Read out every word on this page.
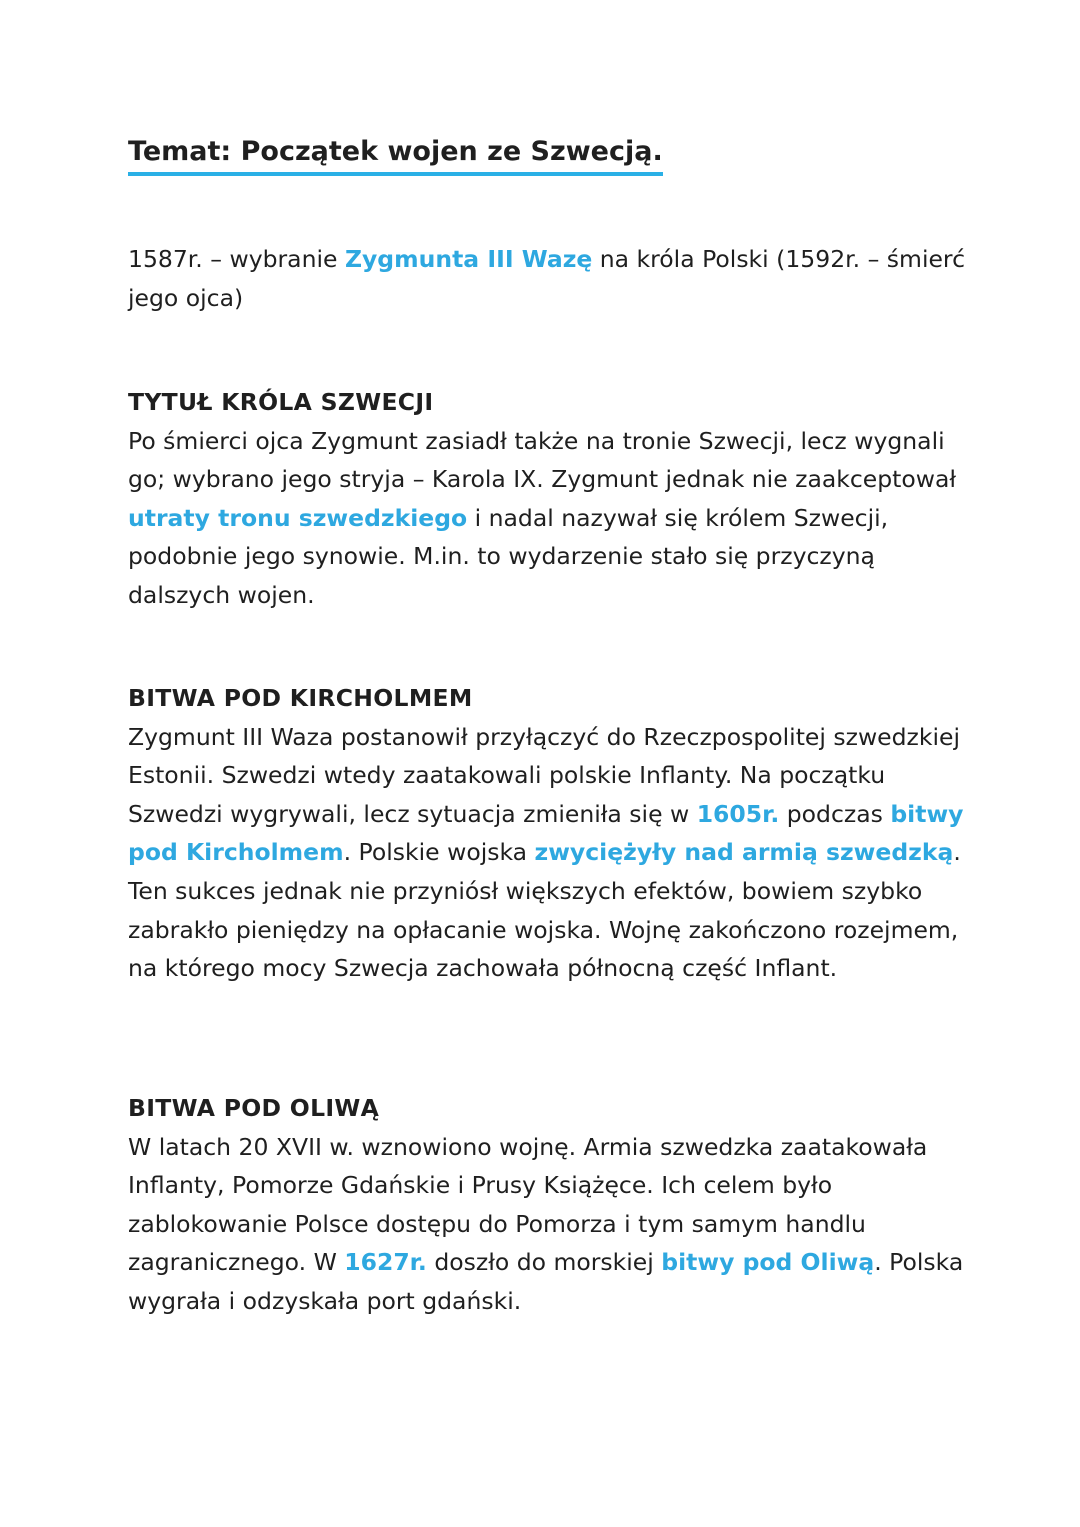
Temat: Początek wojen ze Szwecją.

1587r. – wybranie Zygmunta III Wazę na króla Polski (1592r. – śmierć jego ojca)

TYTUŁ KRÓLA SZWECJI

Po śmierci ojca Zygmunt zasiadł także na tronie Szwecji, lecz wygnali go; wybrano jego stryja – Karola IX. Zygmunt jednak nie zaakceptował utraty tronu szwedzkiego i nadal nazywał się królem Szwecji, podobnie jego synowie. M.in. to wydarzenie stało się przyczyną dalszych wojen.

BITWA POD KIRCHOLMEM

Zygmunt III Waza postanowił przyłączyć do Rzeczpospolitej szwedzkiej Estonii. Szwedzi wtedy zaatakowali polskie Inflanty. Na początku Szwedzi wygrywali, lecz sytuacja zmieniła się w 1605r. podczas bitwy pod Kircholmem. Polskie wojska zwyciężyły nad armią szwedzką. Ten sukces jednak nie przyniósł większych efektów, bowiem szybko zabrakło pieniędzy na opłacanie wojska. Wojnę zakończono rozejmem, na którego mocy Szwecja zachowała północną część Inflant.

BITWA POD OLIWĄ

W latach 20 XVII w. wznowiono wojnę. Armia szwedzka zaatakowała Inflanty, Pomorze Gdańskie i Prusy Książęce. Ich celem było zablokowanie Polsce dostępu do Pomorza i tym samym handlu zagranicznego. W 1627r. doszło do morskiej bitwy pod Oliwą. Polska wygrała i odzyskała port gdański.
